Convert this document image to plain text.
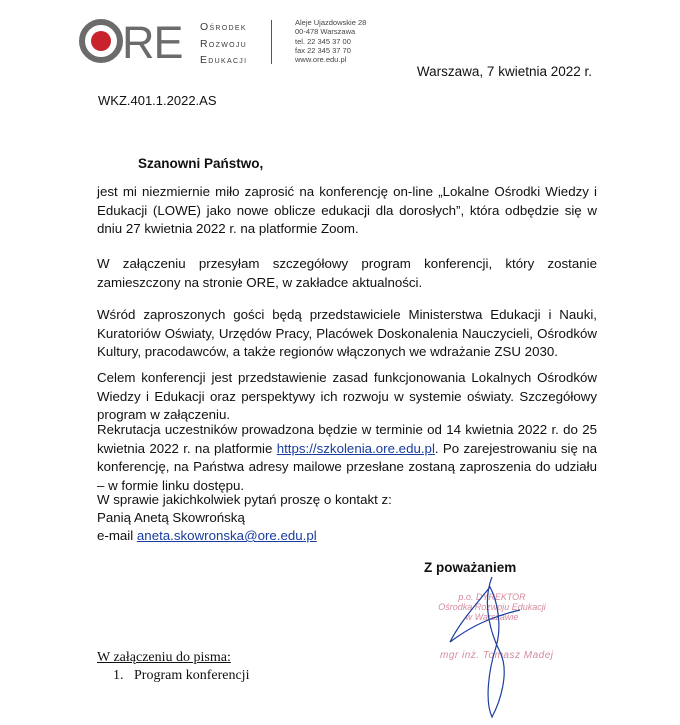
RE Ośrodek
Rozwoju
Edukacji
Aleje Ujazdowskie 28
00-478 Warszawa
tel. 22 345 37 00
fax 22 345 37 70
www.ore.edu.pl
Warszawa, 7 kwietnia 2022 r.
WKZ.401.1.2022.AS
Szanowni Państwo,
jest mi niezmiernie miło zaprosić na konferencję on-line „Lokalne Ośrodki Wiedzy i Edukacji (LOWE) jako nowe oblicze edukacji dla dorosłych”, która odbędzie się w dniu 27 kwietnia 2022 r. na platformie Zoom.
W załączeniu przesyłam szczegółowy program konferencji, który zostanie zamieszczony na stronie ORE, w zakładce aktualności.
Wśród zaproszonych gości będą przedstawiciele Ministerstwa Edukacji i Nauki, Kuratoriów Oświaty, Urzędów Pracy, Placówek Doskonalenia Nauczycieli, Ośrodków Kultury, pracodawców, a także regionów włączonych we wdrażanie ZSU 2030.
Celem konferencji jest przedstawienie zasad funkcjonowania Lokalnych Ośrodków Wiedzy i Edukacji oraz perspektywy ich rozwoju w systemie oświaty. Szczegółowy program w załączeniu.
Rekrutacja uczestników prowadzona będzie w terminie od 14 kwietnia 2022 r. do 25 kwietnia 2022 r. na platformie https://szkolenia.ore.edu.pl. Po zarejestrowaniu się na konferencję, na Państwa adresy mailowe przesłane zostaną zaproszenia do udziału – w formie linku dostępu.
W sprawie jakichkolwiek pytań proszę o kontakt z:
Panią Anetą Skowrońską
e-mail aneta.skowronska@ore.edu.pl
Z poważaniem
p.o. DYREKTOR
Ośrodka Rozwoju Edukacji
w Warszawie
mgr inż. Tomasz Madej
W załączeniu do pisma:
1.   Program konferencji
